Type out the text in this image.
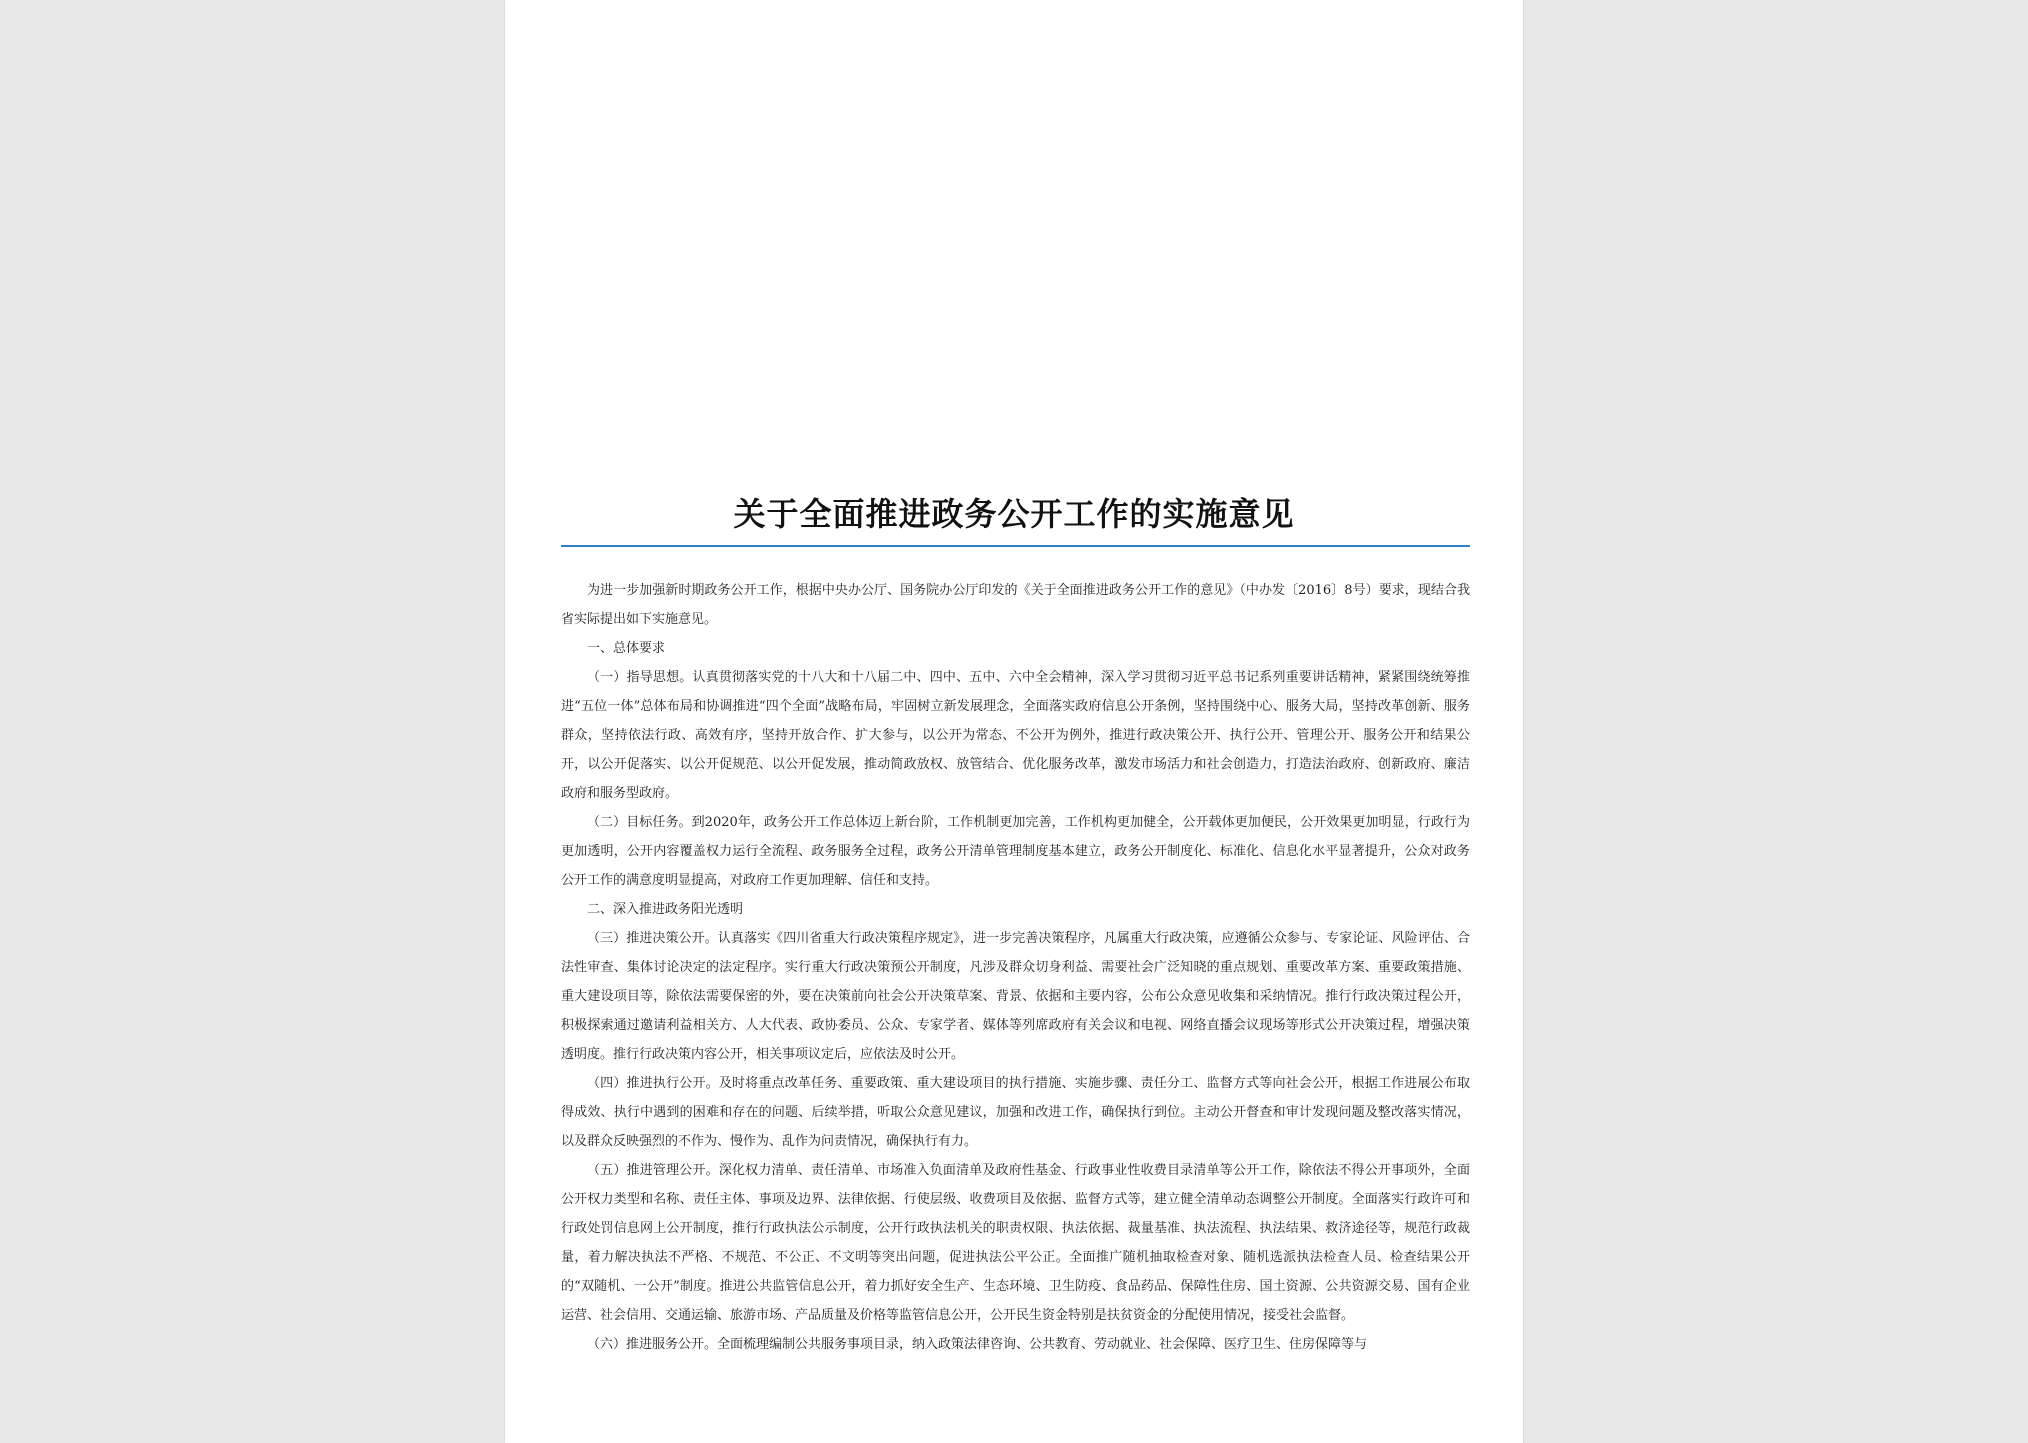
关于全面推进政务公开工作的实施意见

为进一步加强新时期政务公开工作，根据中央办公厅、国务院办公厅印发的《关于全面推进政务公开工作的意见》（中办发〔2016〕8号）要求，现结合我省实际提出如下实施意见。

一、总体要求

（一）指导思想。认真贯彻落实党的十八大和十八届二中、四中、五中、六中全会精神，深入学习贯彻习近平总书记系列重要讲话精神，紧紧围绕统筹推进“五位一体”总体布局和协调推进“四个全面”战略布局，牢固树立新发展理念，全面落实政府信息公开条例，坚持围绕中心、服务大局，坚持改革创新、服务群众，坚持依法行政、高效有序，坚持开放合作、扩大参与，以公开为常态、不公开为例外，推进行政决策公开、执行公开、管理公开、服务公开和结果公开，以公开促落实、以公开促规范、以公开促发展，推动简政放权、放管结合、优化服务改革，激发市场活力和社会创造力，打造法治政府、创新政府、廉洁政府和服务型政府。

（二）目标任务。到2020年，政务公开工作总体迈上新台阶，工作机制更加完善，工作机构更加健全，公开载体更加便民，公开效果更加明显，行政行为更加透明，公开内容覆盖权力运行全流程、政务服务全过程，政务公开清单管理制度基本建立，政务公开制度化、标准化、信息化水平显著提升，公众对政务公开工作的满意度明显提高，对政府工作更加理解、信任和支持。

二、深入推进政务阳光透明

（三）推进决策公开。认真落实《四川省重大行政决策程序规定》，进一步完善决策程序，凡属重大行政决策，应遵循公众参与、专家论证、风险评估、合法性审查、集体讨论决定的法定程序。实行重大行政决策预公开制度，凡涉及群众切身利益、需要社会广泛知晓的重点规划、重要改革方案、重要政策措施、重大建设项目等，除依法需要保密的外，要在决策前向社会公开决策草案、背景、依据和主要内容，公布公众意见收集和采纳情况。推行行政决策过程公开，积极探索通过邀请利益相关方、人大代表、政协委员、公众、专家学者、媒体等列席政府有关会议和电视、网络直播会议现场等形式公开决策过程，增强决策透明度。推行行政决策内容公开，相关事项议定后，应依法及时公开。

（四）推进执行公开。及时将重点改革任务、重要政策、重大建设项目的执行措施、实施步骤、责任分工、监督方式等向社会公开，根据工作进展公布取得成效、执行中遇到的困难和存在的问题、后续举措，听取公众意见建议，加强和改进工作，确保执行到位。主动公开督查和审计发现问题及整改落实情况，以及群众反映强烈的不作为、慢作为、乱作为问责情况，确保执行有力。

（五）推进管理公开。深化权力清单、责任清单、市场准入负面清单及政府性基金、行政事业性收费目录清单等公开工作，除依法不得公开事项外，全面公开权力类型和名称、责任主体、事项及边界、法律依据、行使层级、收费项目及依据、监督方式等，建立健全清单动态调整公开制度。全面落实行政许可和行政处罚信息网上公开制度，推行行政执法公示制度，公开行政执法机关的职责权限、执法依据、裁量基准、执法流程、执法结果、救济途径等，规范行政裁量，着力解决执法不严格、不规范、不公正、不文明等突出问题，促进执法公平公正。全面推广随机抽取检查对象、随机选派执法检查人员、检查结果公开的“双随机、一公开”制度。推进公共监管信息公开，着力抓好安全生产、生态环境、卫生防疫、食品药品、保障性住房、国土资源、公共资源交易、国有企业运营、社会信用、交通运输、旅游市场、产品质量及价格等监管信息公开，公开民生资金特别是扶贫资金的分配使用情况，接受社会监督。

（六）推进服务公开。全面梳理编制公共服务事项目录，纳入政策法律咨询、公共教育、劳动就业、社会保障、医疗卫生、住房保障等与
